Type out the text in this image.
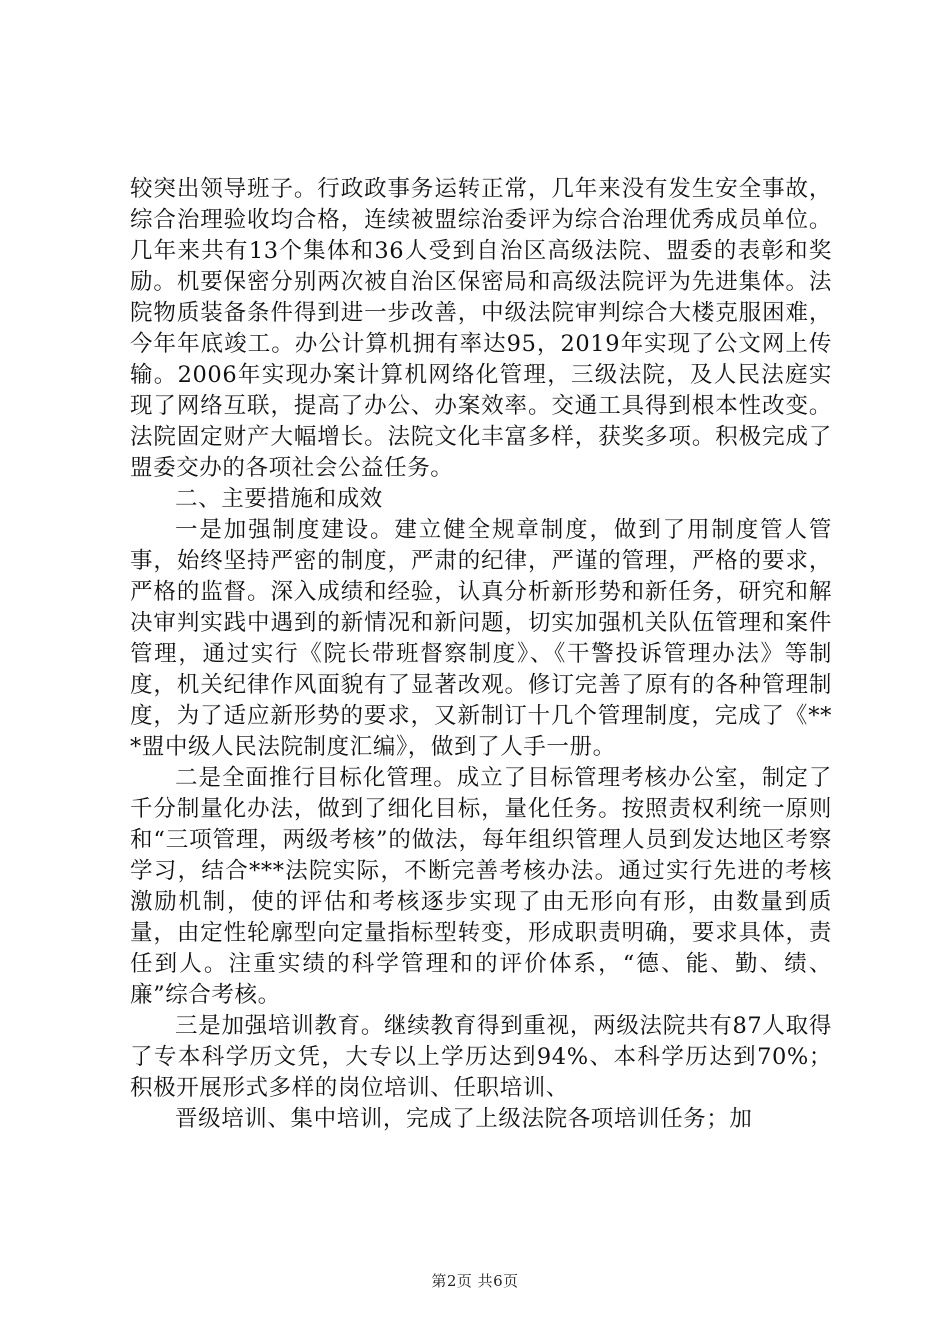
较突出领导班子。行政政事务运转正常，几年来没有发生安全事故，综合治理验收均合格，连续被盟综治委评为综合治理优秀成员单位。几年来共有13个集体和36人受到自治区高级法院、盟委的表彰和奖励。机要保密分别两次被自治区保密局和高级法院评为先进集体。法院物质装备条件得到进一步改善，中级法院审判综合大楼克服困难，今年年底竣工。办公计算机拥有率达95，2019年实现了公文网上传输。2006年实现办案计算机网络化管理，三级法院，及人民法庭实现了网络互联，提高了办公、办案效率。交通工具得到根本性改变。法院固定财产大幅增长。法院文化丰富多样，获奖多项。积极完成了盟委交办的各项社会公益任务。

二、主要措施和成效

一是加强制度建设。建立健全规章制度，做到了用制度管人管事，始终坚持严密的制度，严肃的纪律，严谨的管理，严格的要求，严格的监督。深入成绩和经验，认真分析新形势和新任务，研究和解决审判实践中遇到的新情况和新问题，切实加强机关队伍管理和案件管理，通过实行《院长带班督察制度》、《干警投诉管理办法》等制度，机关纪律作风面貌有了显著改观。修订完善了原有的各种管理制度，为了适应新形势的要求，又新制订十几个管理制度，完成了《***盟中级人民法院制度汇编》，做到了人手一册。

二是全面推行目标化管理。成立了目标管理考核办公室，制定了千分制量化办法，做到了细化目标，量化任务。按照责权利统一原则和“三项管理，两级考核”的做法，每年组织管理人员到发达地区考察学习，结合***法院实际，不断完善考核办法。通过实行先进的考核激励机制，使的评估和考核逐步实现了由无形向有形，由数量到质量，由定性轮廓型向定量指标型转变，形成职责明确，要求具体，责任到人。注重实绩的科学管理和的评价体系，“德、能、勤、绩、廉”综合考核。

三是加强培训教育。继续教育得到重视，两级法院共有87人取得了专本科学历文凭，大专以上学历达到94%、本科学历达到70%；积极开展形式多样的岗位培训、任职培训、

晋级培训、集中培训，完成了上级法院各项培训任务；加

第2页 共6页
